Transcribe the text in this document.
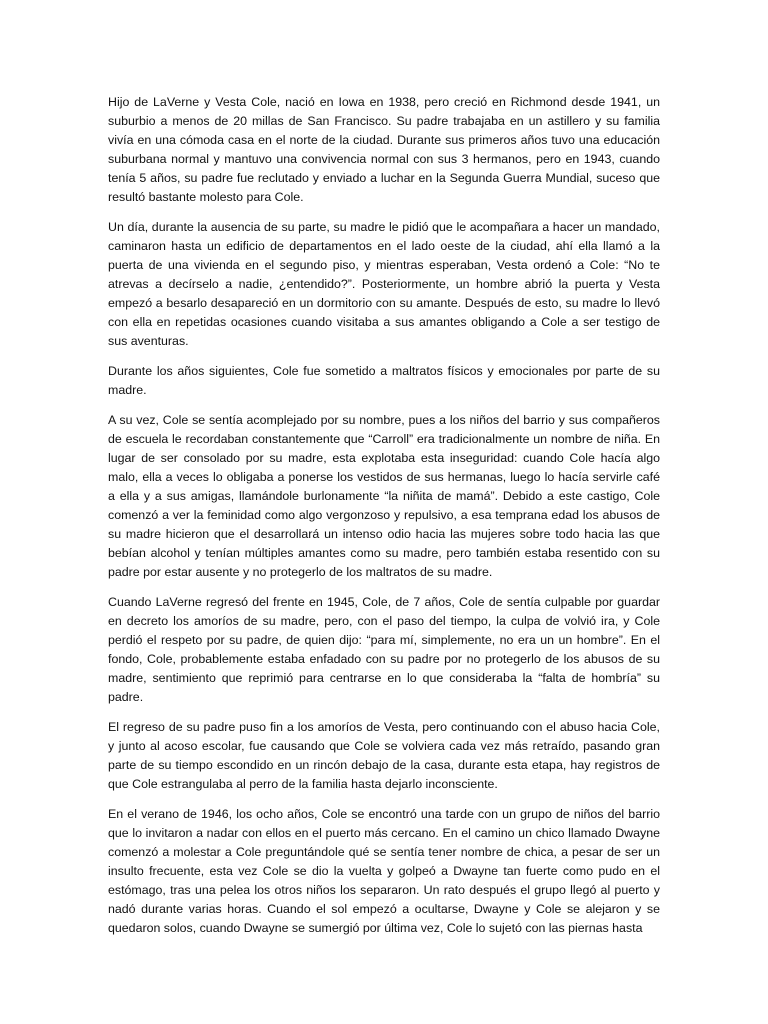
Hijo de LaVerne y Vesta Cole, nació en Iowa en 1938, pero creció en Richmond desde 1941, un suburbio a menos de 20 millas de San Francisco. Su padre trabajaba en un astillero y su familia vivía en una cómoda casa en el norte de la ciudad. Durante sus primeros años tuvo una educación suburbana normal y mantuvo una convivencia normal con sus 3 hermanos, pero en 1943, cuando tenía 5 años, su padre fue reclutado y enviado a luchar en la Segunda Guerra Mundial, suceso que resultó bastante molesto para Cole.

Un día, durante la ausencia de su parte, su madre le pidió que le acompañara a hacer un mandado, caminaron hasta un edificio de departamentos en el lado oeste de la ciudad, ahí ella llamó a la puerta de una vivienda en el segundo piso, y mientras esperaban, Vesta ordenó a Cole: “No te atrevas a decírselo a nadie, ¿entendido?”. Posteriormente, un hombre abrió la puerta y Vesta empezó a besarlo desapareció en un dormitorio con su amante. Después de esto, su madre lo llevó con ella en repetidas ocasiones cuando visitaba a sus amantes obligando a Cole a ser testigo de sus aventuras.

Durante los años siguientes, Cole fue sometido a maltratos físicos y emocionales por parte de su madre.

A su vez, Cole se sentía acomplejado por su nombre, pues a los niños del barrio y sus compañeros de escuela le recordaban constantemente que “Carroll” era tradicionalmente un nombre de niña. En lugar de ser consolado por su madre, esta explotaba esta inseguridad: cuando Cole hacía algo malo, ella a veces lo obligaba a ponerse los vestidos de sus hermanas, luego lo hacía servirle café a ella y a sus amigas, llamándole burlonamente “la niñita de mamá”. Debido a este castigo, Cole comenzó a ver la feminidad como algo vergonzoso y repulsivo, a esa temprana edad los abusos de su madre hicieron que el desarrollará un intenso odio hacia las mujeres sobre todo hacia las que bebían alcohol y tenían múltiples amantes como su madre, pero también estaba resentido con su padre por estar ausente y no protegerlo de los maltratos de su madre.

Cuando LaVerne regresó del frente en 1945, Cole, de 7 años, Cole de sentía culpable por guardar en decreto los amoríos de su madre, pero, con el paso del tiempo, la culpa de volvió ira, y Cole perdió el respeto por su padre, de quien dijo: “para mí, simplemente, no era un un hombre”. En el fondo, Cole, probablemente estaba enfadado con su padre por no protegerlo de los abusos de su madre, sentimiento que reprimió para centrarse en lo que consideraba la “falta de hombría” su padre.

El regreso de su padre puso fin a los amoríos de Vesta, pero continuando con el abuso hacia Cole, y junto al acoso escolar, fue causando que Cole se volviera cada vez más retraído, pasando gran parte de su tiempo escondido en un rincón debajo de la casa, durante esta etapa, hay registros de que Cole estrangulaba al perro de la familia hasta dejarlo inconsciente.

En el verano de 1946, los ocho años, Cole se encontró una tarde con un grupo de niños del barrio que lo invitaron a nadar con ellos en el puerto más cercano. En el camino un chico llamado Dwayne comenzó a molestar a Cole preguntándole qué se sentía tener nombre de chica, a pesar de ser un insulto frecuente, esta vez Cole se dio la vuelta y golpeó a Dwayne tan fuerte como pudo en el estómago, tras una pelea los otros niños los separaron. Un rato después el grupo llegó al puerto y nadó durante varias horas. Cuando el sol empezó a ocultarse, Dwayne y Cole se alejaron y se quedaron solos, cuando Dwayne se sumergió por última vez, Cole lo sujetó con las piernas hasta
